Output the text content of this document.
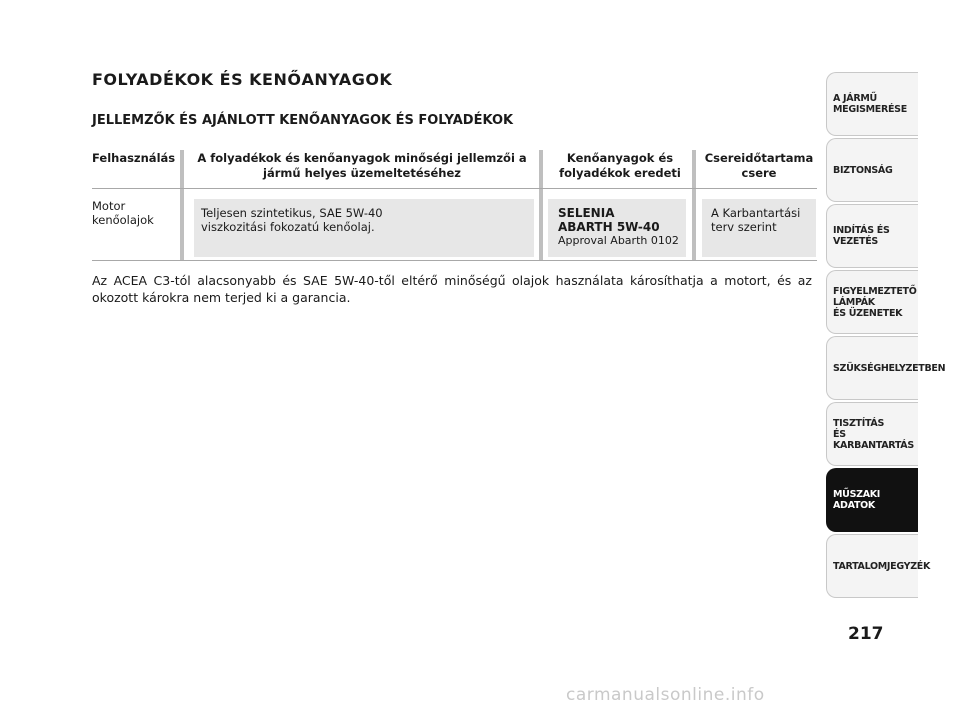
FOLYADÉKOK ÉS KENŐANYAGOK
JELLEMZŐK ÉS AJÁNLOTT KENŐANYAGOK ÉS FOLYADÉKOK
Felhasználás	A folyadékok és kenőanyagok minőségi jellemzői a jármű helyes üzemeltetéséhez
Kenőanyagok és folyadékok eredeti
Csereidőtartama csere
Motor kenőolajok	Teljesen szintetikus, SAE 5W-40 viszkozitási fokozatú kenőolaj.
SELENIA
ABARTH 5W-40
Approval Abarth 0102
A Karbantartási terv szerint
Az ACEA C3-tól alacsonyabb és SAE 5W-40-től eltérő minőségű olajok használata károsíthatja a motort, és az okozott károkra nem terjed ki a garancia.
A JÁRMŰ
MEGISMERÉSE
BIZTONSÁG
INDÍTÁS ÉS VEZETÉS
FIGYELMEZTETŐ
LÁMPÁK
ÉS ÜZENETEK
SZÜKSÉGHELYZETBEN
TISZTÍTÁS
ÉS KARBANTARTÁS
MŰSZAKI ADATOK
TARTALOMJEGYZÉK
217
carmanualsonline.info
